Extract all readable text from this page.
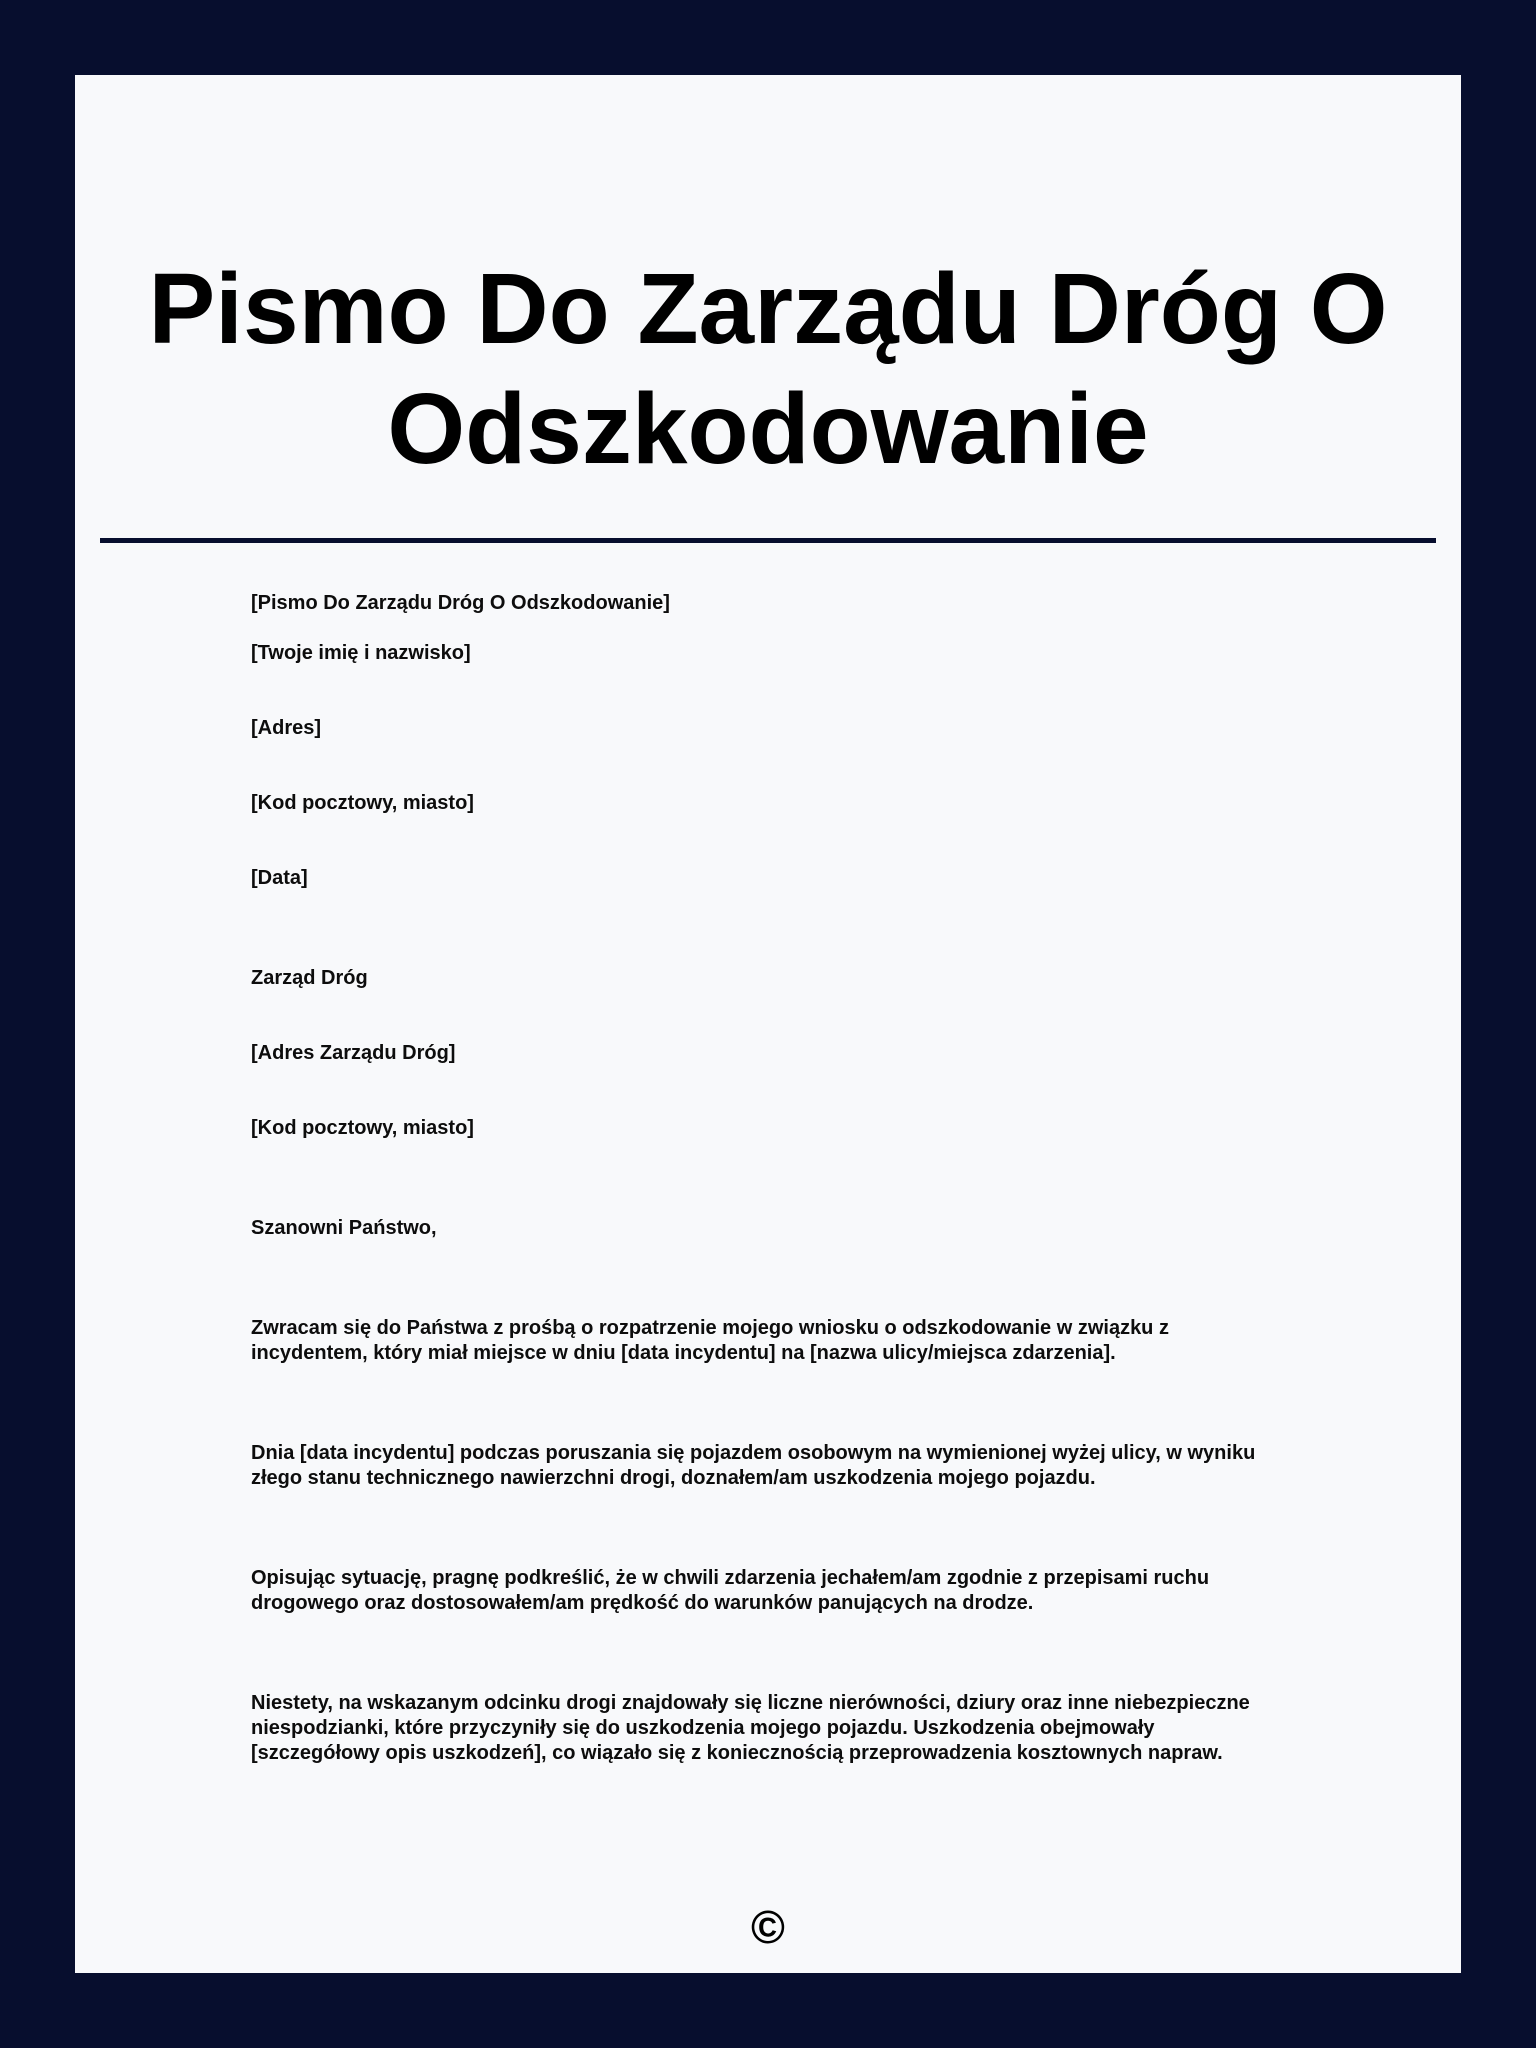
Pismo Do Zarządu Dróg O Odszkodowanie

[Pismo Do Zarządu Dróg O Odszkodowanie]

[Twoje imię i nazwisko]

[Adres]

[Kod pocztowy, miasto]

[Data]

Zarząd Dróg

[Adres Zarządu Dróg]

[Kod pocztowy, miasto]

Szanowni Państwo,

Zwracam się do Państwa z prośbą o rozpatrzenie mojego wniosku o odszkodowanie w związku z incydentem, który miał miejsce w dniu [data incydentu] na [nazwa ulicy/miejsca zdarzenia].

Dnia [data incydentu] podczas poruszania się pojazdem osobowym na wymienionej wyżej ulicy, w wyniku złego stanu technicznego nawierzchni drogi, doznałem/am uszkodzenia mojego pojazdu.

Opisując sytuację, pragnę podkreślić, że w chwili zdarzenia jechałem/am zgodnie z przepisami ruchu drogowego oraz dostosowałem/am prędkość do warunków panujących na drodze.

Niestety, na wskazanym odcinku drogi znajdowały się liczne nierówności, dziury oraz inne niebezpieczne niespodzianki, które przyczyniły się do uszkodzenia mojego pojazdu. Uszkodzenia obejmowały [szczegółowy opis uszkodzeń], co wiązało się z koniecznością przeprowadzenia kosztownych napraw.

©
